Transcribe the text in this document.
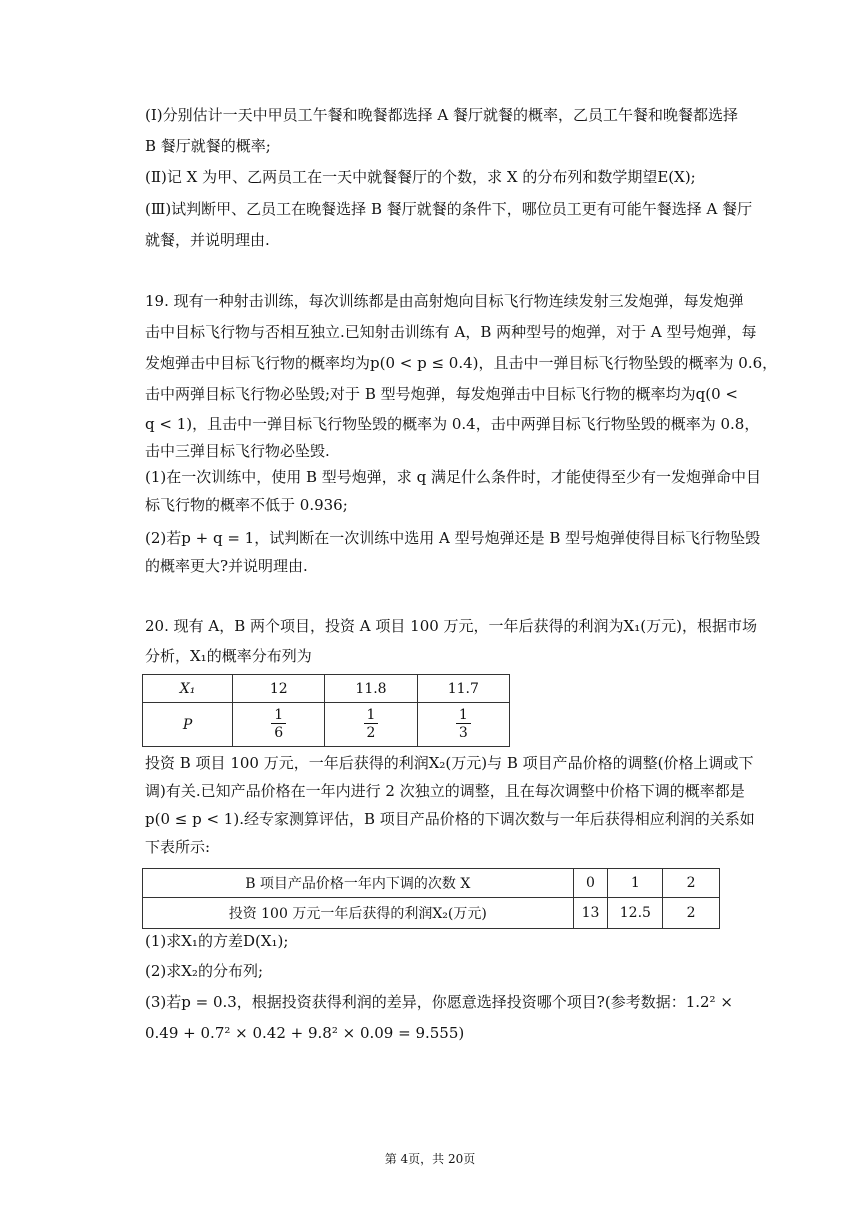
(Ⅰ)分别估计一天中甲员工午餐和晚餐都选择 A 餐厅就餐的概率，乙员工午餐和晚餐都选择
B 餐厅就餐的概率;
(Ⅱ)记 X 为甲、乙两员工在一天中就餐餐厅的个数，求 X 的分布列和数学期望E(X);
(Ⅲ)试判断甲、乙员工在晚餐选择 B 餐厅就餐的条件下，哪位员工更有可能午餐选择 A 餐厅
就餐，并说明理由.
19. 现有一种射击训练，每次训练都是由高射炮向目标飞行物连续发射三发炮弹，每发炮弹
击中目标飞行物与否相互独立.已知射击训练有 A，B 两种型号的炮弹，对于 A 型号炮弹，每
发炮弹击中目标飞行物的概率均为p(0 < p ≤ 0.4)，且击中一弹目标飞行物坠毁的概率为 0.6，
击中两弹目标飞行物必坠毁;对于 B 型号炮弹，每发炮弹击中目标飞行物的概率均为q(0 <
q < 1)，且击中一弹目标飞行物坠毁的概率为 0.4，击中两弹目标飞行物坠毁的概率为 0.8，
击中三弹目标飞行物必坠毁.
(1)在一次训练中，使用 B 型号炮弹，求 q 满足什么条件时，才能使得至少有一发炮弹命中目
标飞行物的概率不低于 0.936;
(2)若p + q = 1，试判断在一次训练中选用 A 型号炮弹还是 B 型号炮弹使得目标飞行物坠毁
的概率更大?并说明理由.
20. 现有 A，B 两个项目，投资 A 项目 100 万元，一年后获得的利润为X₁(万元)，根据市场
分析，X₁的概率分布列为
X₁	12	11.8	11.7
P	$\frac{1}{6}$	$\frac{1}{2}$	$\frac{1}{3}$
投资 B 项目 100 万元，一年后获得的利润X₂(万元)与 B 项目产品价格的调整(价格上调或下
调)有关.已知产品价格在一年内进行 2 次独立的调整，且在每次调整中价格下调的概率都是
p(0 ≤ p < 1).经专家测算评估，B 项目产品价格的下调次数与一年后获得相应利润的关系如
下表所示:
B 项目产品价格一年内下调的次数 X	0	1	2
投资 100 万元一年后获得的利润X₂(万元)	13	12.5	2
(1)求X₁的方差D(X₁);
(2)求X₂的分布列;
(3)若p = 0.3，根据投资获得利润的差异，你愿意选择投资哪个项目?(参考数据：1.2² ×
0.49 + 0.7² × 0.42 + 9.8² × 0.09 = 9.555)
第 4页，共 20页
